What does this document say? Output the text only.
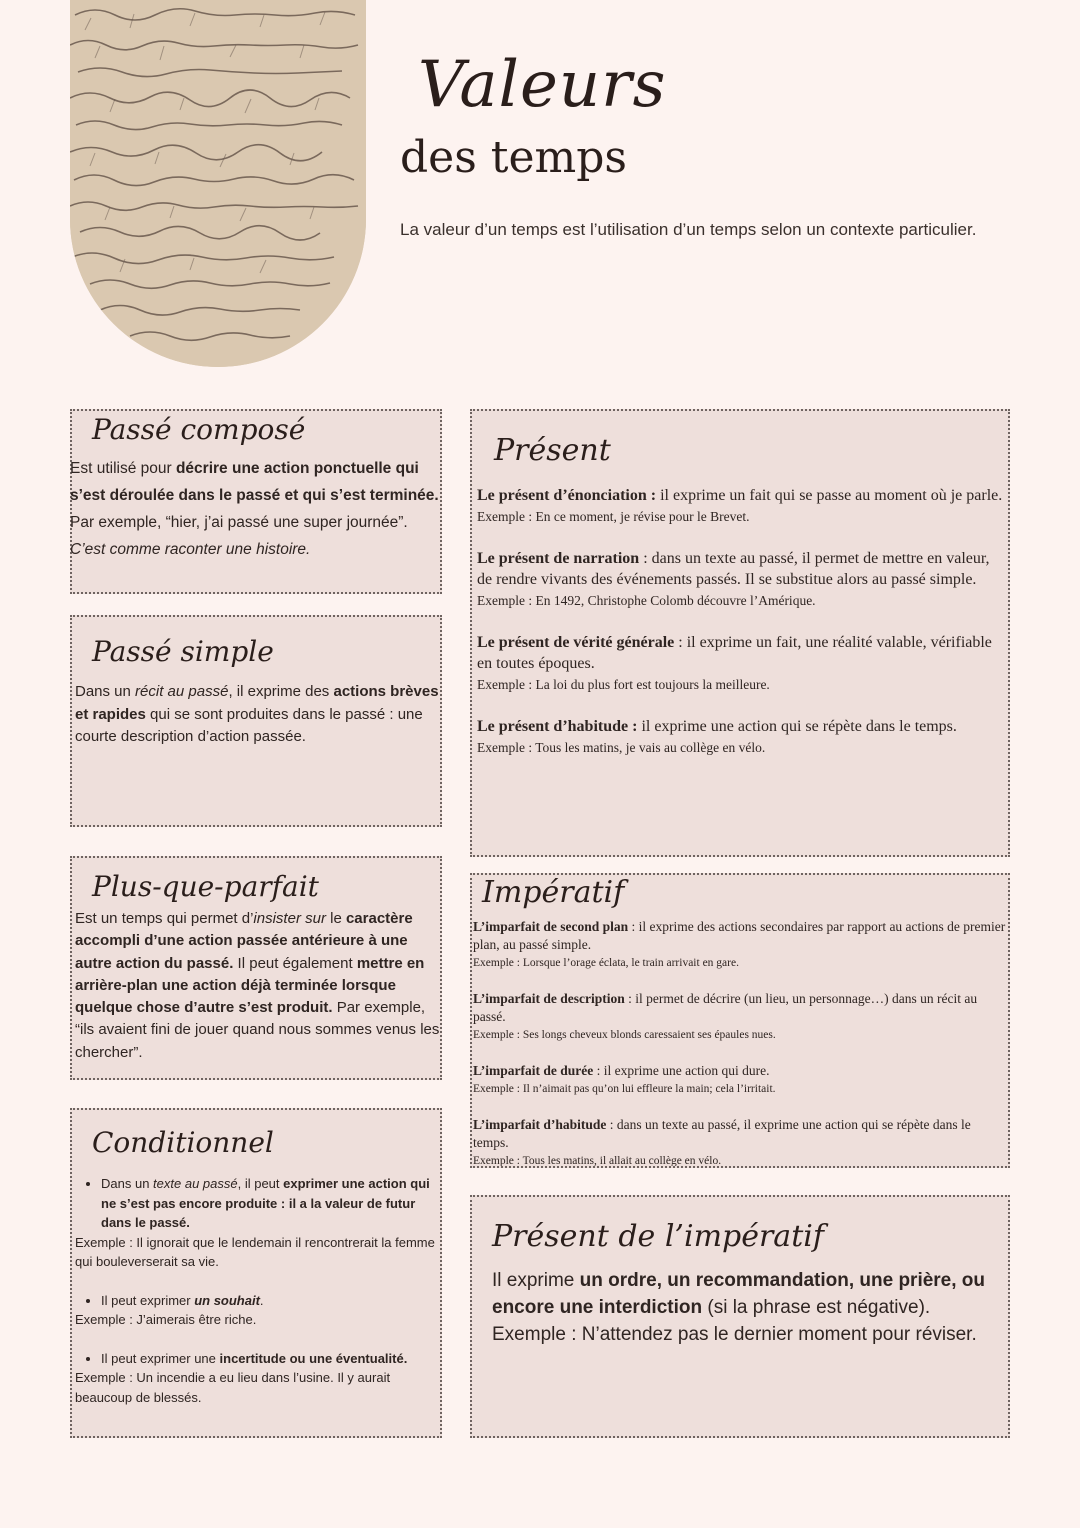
Valeurs
des temps
La valeur d’un temps est l’utilisation d’un temps selon un contexte particulier.
Passé composé

Est utilisé pour décrire une action ponctuelle qui s’est déroulée dans le passé et qui s’est terminée. Par exemple, “hier, j’ai passé une super journée”. C’est comme raconter une histoire.

Passé simple

Dans un récit au passé, il exprime des actions brèves et rapides qui se sont produites dans le passé : une courte description d’action passée.

Plus-que-parfait

Est un temps qui permet d’insister sur le caractère accompli d’une action passée antérieure à une autre action du passé. Il peut également mettre en arrière-plan une action déjà terminée lorsque quelque chose d’autre s’est produit. Par exemple, “ils avaient fini de jouer quand nous sommes venus les chercher”.

Conditionnel
• Dans un texte au passé, il peut exprimer une action qui ne s’est pas encore produite : il a la valeur de futur dans le passé.

Exemple : Il ignorait que le lendemain il rencontrerait la femme qui bouleverserait sa vie.

• Il peut exprimer un souhait.

Exemple : J’aimerais être riche.

• Il peut exprimer une incertitude ou une éventualité.

Exemple : Un incendie a eu lieu dans l’usine. Il y aurait beaucoup de blessés.

Présent

Le présent d’énonciation : il exprime un fait qui se passe au moment où je parle.

Exemple : En ce moment, je révise pour le Brevet.

Le présent de narration : dans un texte au passé, il permet de mettre en valeur, de rendre vivants des événements passés. Il se substitue alors au passé simple.

Exemple : En 1492, Christophe Colomb découvre l’Amérique.

Le présent de vérité générale : il exprime un fait, une réalité valable, vérifiable en toutes époques.

Exemple : La loi du plus fort est toujours la meilleure.

Le présent d’habitude : il exprime une action qui se répète dans le temps.

Exemple : Tous les matins, je vais au collège en vélo.

Impératif

L’imparfait de second plan : il exprime des actions secondaires par rapport au actions de premier plan, au passé simple.

Exemple : Lorsque l’orage éclata, le train arrivait en gare.

L’imparfait de description : il permet de décrire (un lieu, un personnage…) dans un récit au passé.

Exemple : Ses longs cheveux blonds caressaient ses épaules nues.

L’imparfait de durée : il exprime une action qui dure.

Exemple : Il n’aimait pas qu’on lui effleure la main; cela l’irritait.

L’imparfait d’habitude : dans un texte au passé, il exprime une action qui se répète dans le temps.

Exemple : Tous les matins, il allait au collège en vélo.

Présent de l’impératif

Il exprime un ordre, un recommandation, une prière, ou encore une interdiction (si la phrase est négative).

Exemple : N’attendez pas le dernier moment pour réviser.
